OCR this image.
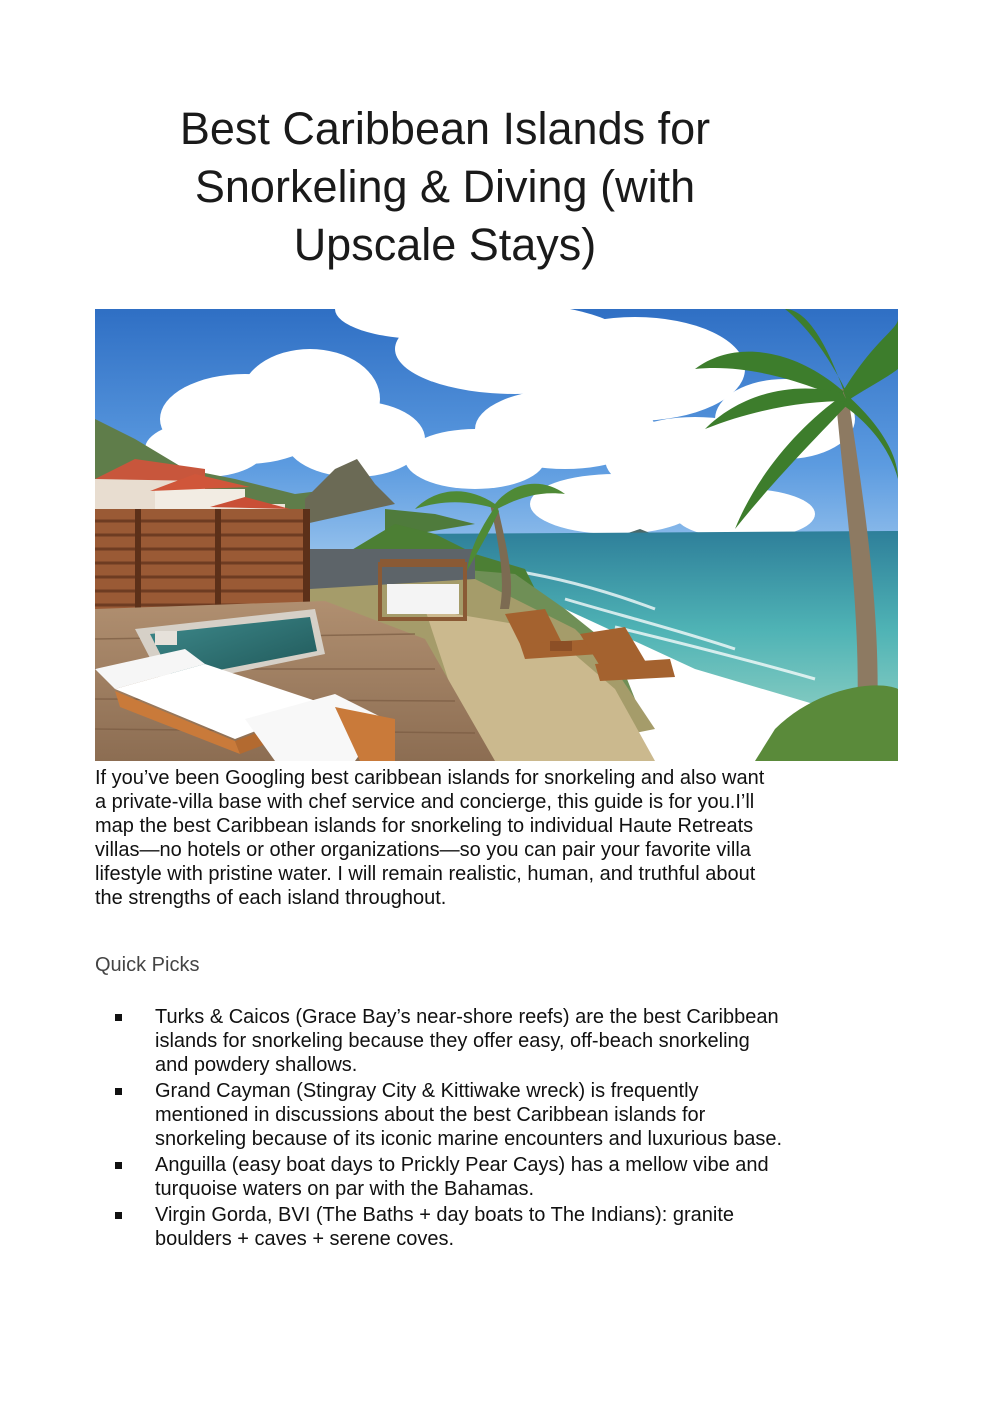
Best Caribbean Islands for
Snorkeling & Diving (with
Upscale Stays)

If you’ve been Googling best caribbean islands for snorkeling and also want
a private-villa base with chef service and concierge, this guide is for you.I’ll
map the best Caribbean islands for snorkeling to individual Haute Retreats
villas—no hotels or other organizations—so you can pair your favorite villa
lifestyle with pristine water. I will remain realistic, human, and truthful about
the strengths of each island throughout.

Quick Picks
Turks & Caicos (Grace Bay’s near-shore reefs) are the best Caribbean
islands for snorkeling because they offer easy, off-beach snorkeling
and powdery shallows.
Grand Cayman (Stingray City & Kittiwake wreck) is frequently
mentioned in discussions about the best Caribbean islands for
snorkeling because of its iconic marine encounters and luxurious base.
Anguilla (easy boat days to Prickly Pear Cays) has a mellow vibe and
turquoise waters on par with the Bahamas.
Virgin Gorda, BVI (The Baths + day boats to The Indians): granite
boulders + caves + serene coves.
